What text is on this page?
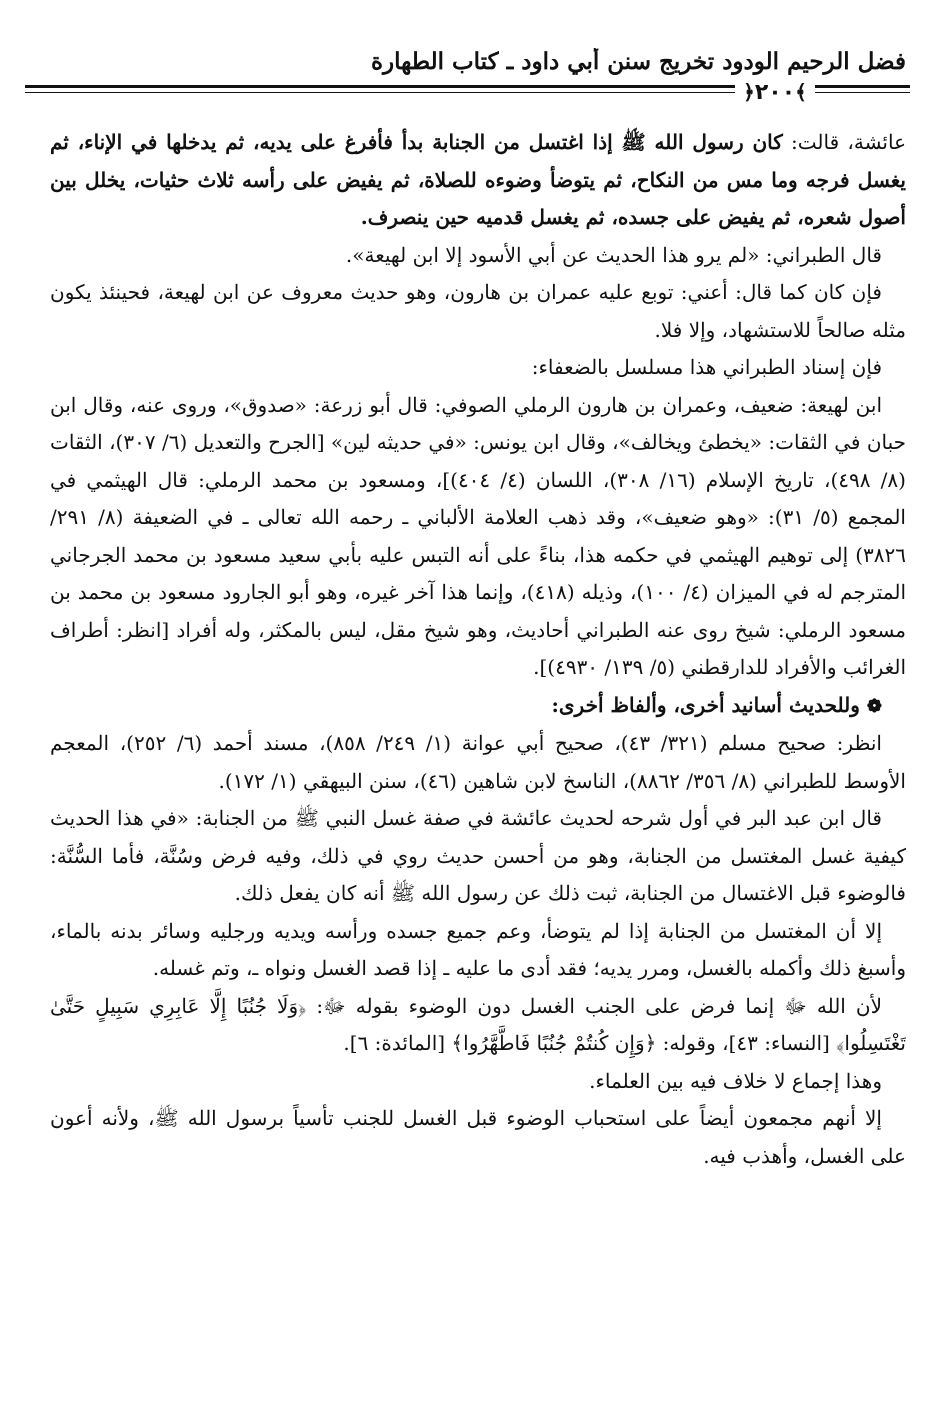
فضل الرحيم الودود تخريج سنن أبي داود ـ كتاب الطهارة
﴿٢٠٠﴾

عائشة، قالت: كان رسول الله ﷺ إذا اغتسل من الجنابة بدأ فأفرغ على يديه، ثم يدخلها في الإناء، ثم يغسل فرجه وما مس من النكاح، ثم يتوضأ وضوءه للصلاة، ثم يفيض على رأسه ثلاث حثيات، يخلل بين أصول شعره، ثم يفيض على جسده، ثم يغسل قدميه حين ينصرف.

قال الطبراني: «لم يرو هذا الحديث عن أبي الأسود إلا ابن لهيعة».

فإن كان كما قال: أعني: توبع عليه عمران بن هارون، وهو حديث معروف عن ابن لهيعة، فحينئذ يكون مثله صالحاً للاستشهاد، وإلا فلا.

فإن إسناد الطبراني هذا مسلسل بالضعفاء:

ابن لهيعة: ضعيف، وعمران بن هارون الرملي الصوفي: قال أبو زرعة: «صدوق»، وروى عنه، وقال ابن حبان في الثقات: «يخطئ ويخالف»، وقال ابن يونس: «في حديثه لين» [الجرح والتعديل (٦/ ٣٠٧)، الثقات (٨/ ٤٩٨)، تاريخ الإسلام (١٦/ ٣٠٨)، اللسان (٤/ ٤٠٤)]، ومسعود بن محمد الرملي: قال الهيثمي في المجمع (٥/ ٣١): «وهو ضعيف»، وقد ذهب العلامة الألباني ـ رحمه الله تعالى ـ في الضعيفة (٨/ ٢٩١/ ٣٨٢٦) إلى توهيم الهيثمي في حكمه هذا، بناءً على أنه التبس عليه بأبي سعيد مسعود بن محمد الجرجاني المترجم له في الميزان (٤/ ١٠٠)، وذيله (٤١٨)، وإنما هذا آخر غيره، وهو أبو الجارود مسعود بن محمد بن مسعود الرملي: شيخ روى عنه الطبراني أحاديث، وهو شيخ مقل، ليس بالمكثر، وله أفراد [انظر: أطراف الغرائب والأفراد للدارقطني (٥/ ١٣٩/ ٤٩٣٠)].

❁ وللحديث أسانيد أخرى، وألفاظ أخرى:

انظر: صحيح مسلم (٣٢١/ ٤٣)، صحيح أبي عوانة (١/ ٢٤٩/ ٨٥٨)، مسند أحمد (٦/ ٢٥٢)، المعجم الأوسط للطبراني (٨/ ٣٥٦/ ٨٨٦٢)، الناسخ لابن شاهين (٤٦)، سنن البيهقي (١/ ١٧٢).

قال ابن عبد البر في أول شرحه لحديث عائشة في صفة غسل النبي ﷺ من الجنابة: «في هذا الحديث كيفية غسل المغتسل من الجنابة، وهو من أحسن حديث روي في ذلك، وفيه فرض وسُنَّة، فأما السُّنَّة: فالوضوء قبل الاغتسال من الجنابة، ثبت ذلك عن رسول الله ﷺ أنه كان يفعل ذلك.

إلا أن المغتسل من الجنابة إذا لم يتوضأ، وعم جميع جسده ورأسه ويديه ورجليه وسائر بدنه بالماء، وأسبغ ذلك وأكمله بالغسل، ومرر يديه؛ فقد أدى ما عليه ـ إذا قصد الغسل ونواه ـ، وتم غسله.

لأن الله ﷻ إنما فرض على الجنب الغسل دون الوضوء بقوله ﷻ: ﴿وَلَا جُنُبًا إِلَّا عَابِرِي سَبِيلٍ حَتَّىٰ تَغْتَسِلُوا﴾ [النساء: ٤٣]، وقوله: ﴿وَإِن كُنتُمْ جُنُبًا فَاطَّهَّرُوا﴾ [المائدة: ٦].

وهذا إجماع لا خلاف فيه بين العلماء.

إلا أنهم مجمعون أيضاً على استحباب الوضوء قبل الغسل للجنب تأسياً برسول الله ﷺ، ولأنه أعون على الغسل، وأهذب فيه.
